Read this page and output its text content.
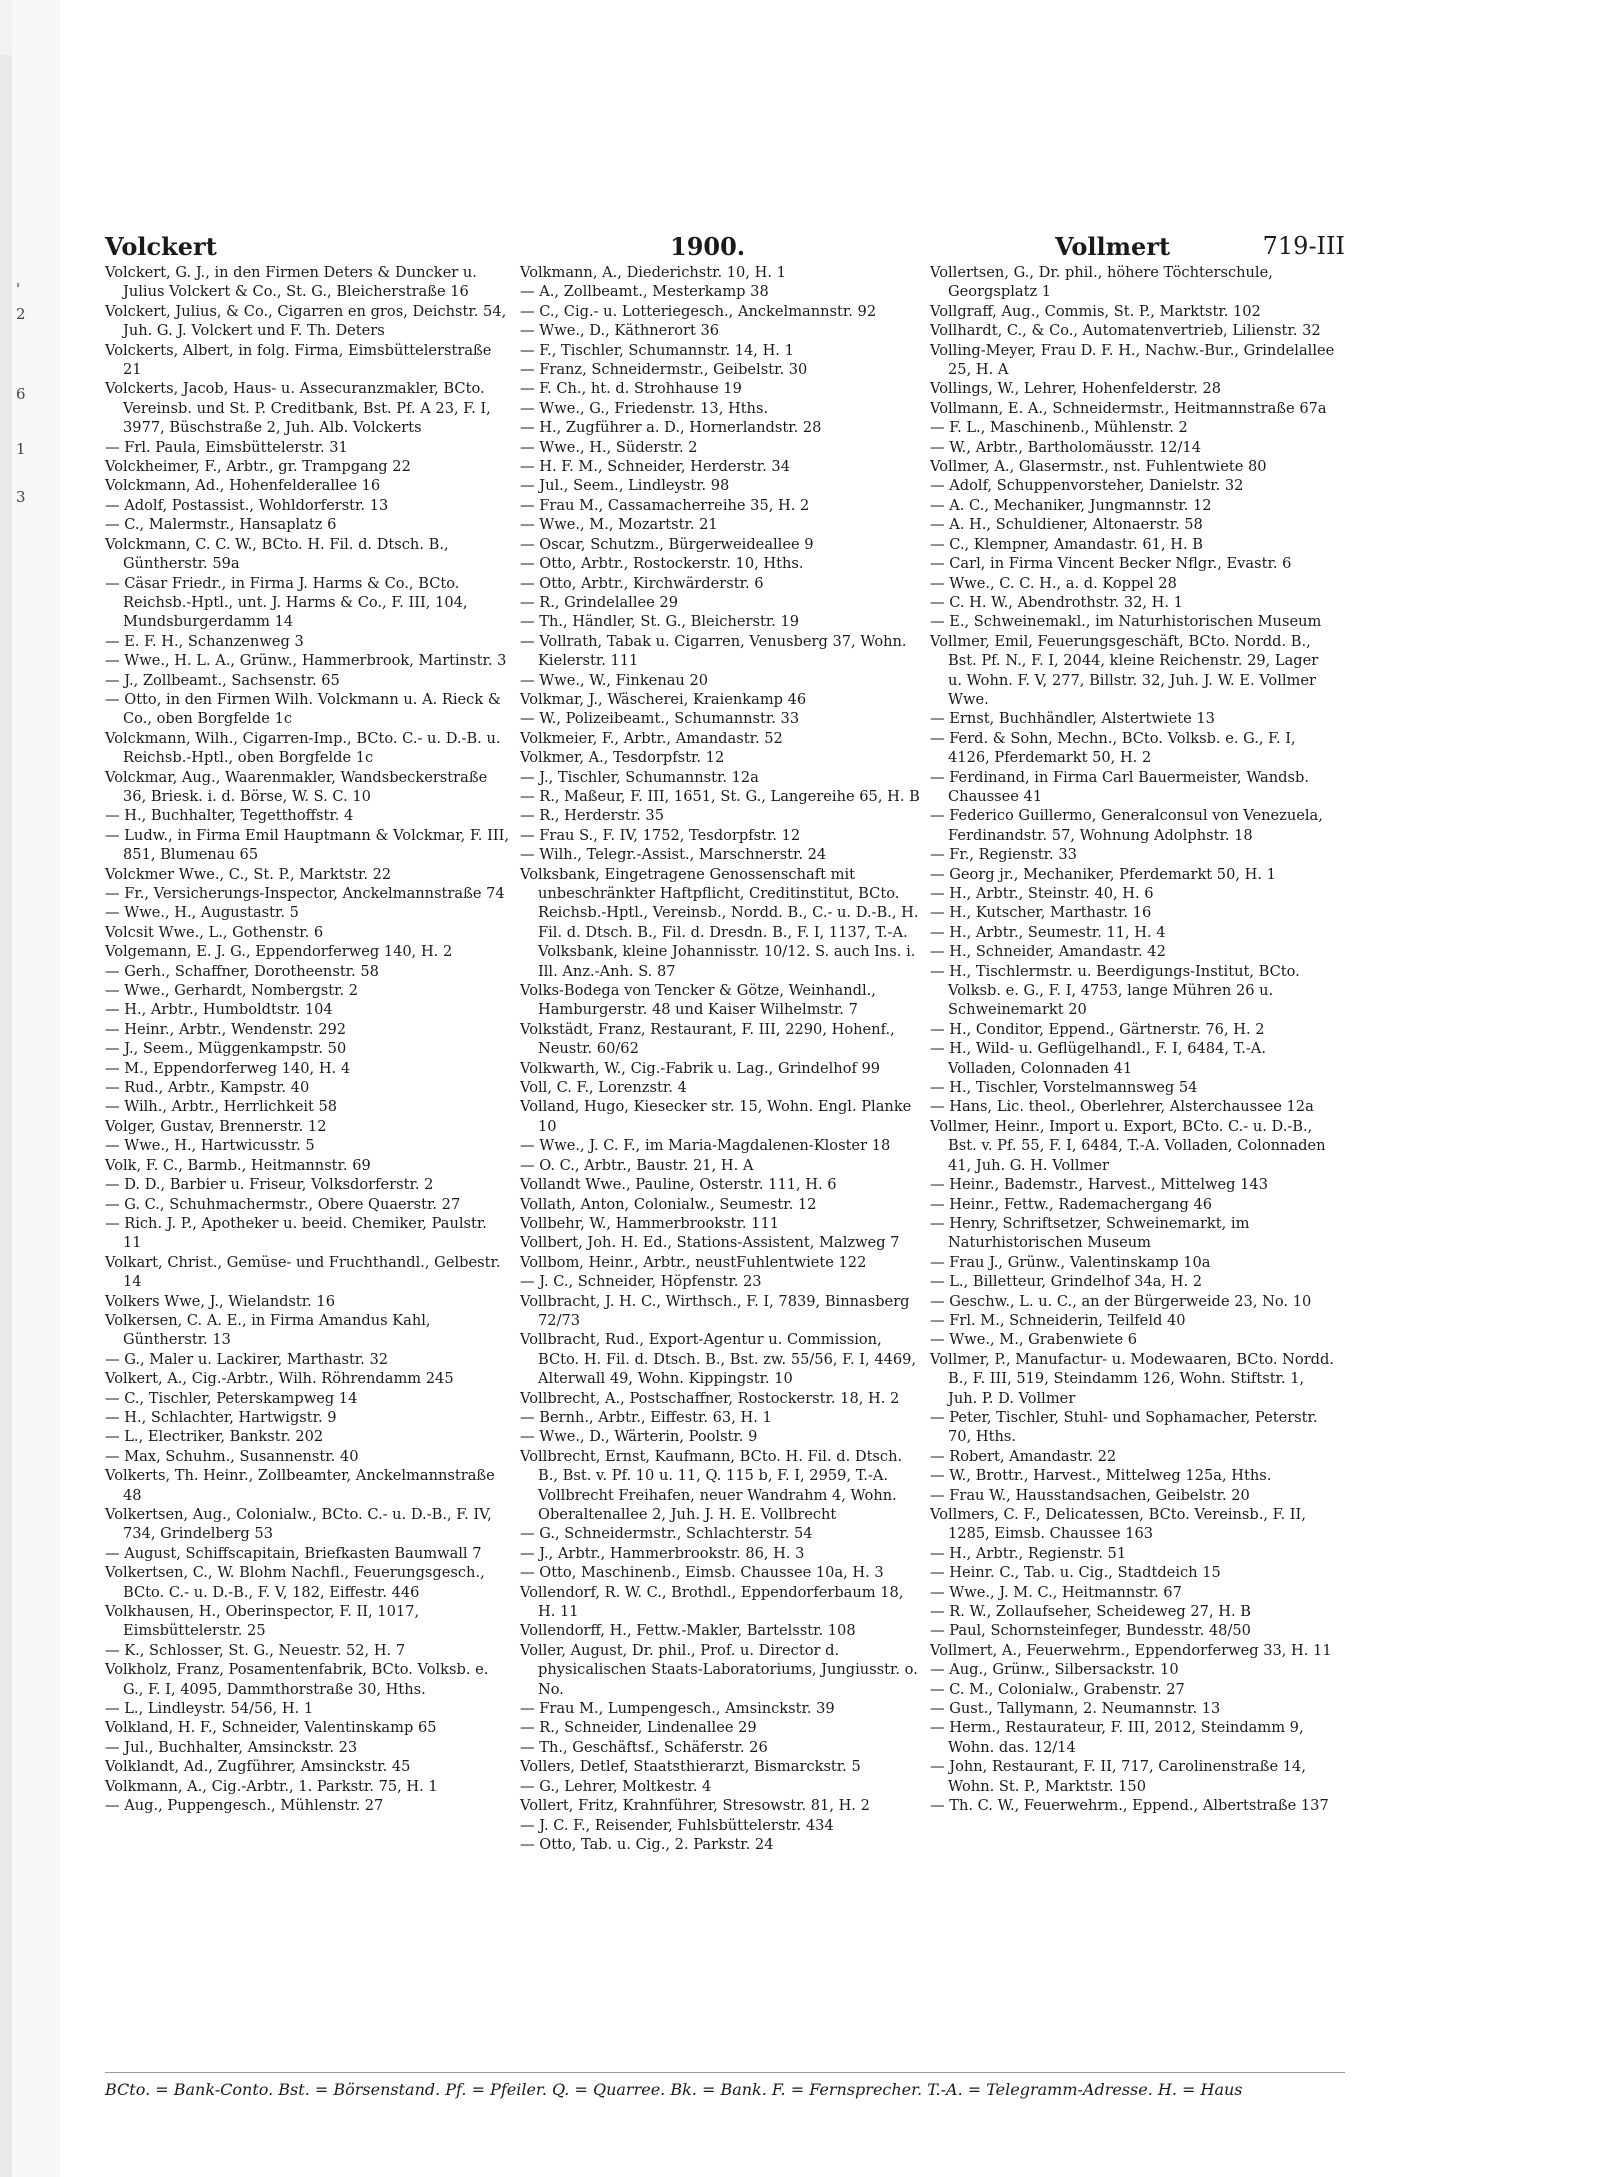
'
2
6
1
3
Volckert	1900.	Vollmert	719-III

Volckert, G. J., in den Firmen Deters & Duncker u. Julius Volckert & Co., St. G., Bleicherstraße 16

Volckert, Julius, & Co., Cigarren en gros, Deichstr. 54, Juh. G. J. Volckert und F. Th. Deters

Volckerts, Albert, in folg. Firma, Eimsbüttelerstraße 21

Volckerts, Jacob, Haus- u. Assecuranzmakler, BCto. Vereinsb. und St. P. Creditbank, Bst. Pf. A 23, F. I, 3977, Büschstraße 2, Juh. Alb. Volckerts

— Frl. Paula, Eimsbüttelerstr. 31

Volckheimer, F., Arbtr., gr. Trampgang 22

Volckmann, Ad., Hohenfelderallee 16

— Adolf, Postassist., Wohldorferstr. 13

— C., Malermstr., Hansaplatz 6

Volckmann, C. C. W., BCto. H. Fil. d. Dtsch. B., Güntherstr. 59a

— Cäsar Friedr., in Firma J. Harms & Co., BCto. Reichsb.-Hptl., unt. J. Harms & Co., F. III, 104, Mundsburgerdamm 14

— E. F. H., Schanzenweg 3

— Wwe., H. L. A., Grünw., Hammerbrook, Martinstr. 3

— J., Zollbeamt., Sachsenstr. 65

— Otto, in den Firmen Wilh. Volckmann u. A. Rieck & Co., oben Borgfelde 1c

Volckmann, Wilh., Cigarren-Imp., BCto. C.- u. D.-B. u. Reichsb.-Hptl., oben Borgfelde 1c

Volckmar, Aug., Waarenmakler, Wandsbeckerstraße 36, Briesk. i. d. Börse, W. S. C. 10

— H., Buchhalter, Tegetthoffstr. 4

— Ludw., in Firma Emil Hauptmann & Volckmar, F. III, 851, Blumenau 65

Volckmer Wwe., C., St. P., Marktstr. 22

— Fr., Versicherungs-Inspector, Anckelmannstraße 74

— Wwe., H., Augustastr. 5

Volcsit Wwe., L., Gothenstr. 6

Volgemann, E. J. G., Eppendorferweg 140, H. 2

— Gerh., Schaffner, Dorotheenstr. 58

— Wwe., Gerhardt, Nombergstr. 2

— H., Arbtr., Humboldtstr. 104

— Heinr., Arbtr., Wendenstr. 292

— J., Seem., Müggenkampstr. 50

— M., Eppendorferweg 140, H. 4

— Rud., Arbtr., Kampstr. 40

— Wilh., Arbtr., Herrlichkeit 58

Volger, Gustav, Brennerstr. 12

— Wwe., H., Hartwicusstr. 5

Volk, F. C., Barmb., Heitmannstr. 69

— D. D., Barbier u. Friseur, Volksdorferstr. 2

— G. C., Schuhmachermstr., Obere Quaerstr. 27

— Rich. J. P., Apotheker u. beeid. Chemiker, Paulstr. 11

Volkart, Christ., Gemüse- und Fruchthandl., Gelbestr. 14

Volkers Wwe, J., Wielandstr. 16

Volkersen, C. A. E., in Firma Amandus Kahl, Güntherstr. 13

— G., Maler u. Lackirer, Marthastr. 32

Volkert, A., Cig.-Arbtr., Wilh. Röhrendamm 245

— C., Tischler, Peterskampweg 14

— H., Schlachter, Hartwigstr. 9

— L., Electriker, Bankstr. 202

— Max, Schuhm., Susannenstr. 40

Volkerts, Th. Heinr., Zollbeamter, Anckelmannstraße 48

Volkertsen, Aug., Colonialw., BCto. C.- u. D.-B., F. IV, 734, Grindelberg 53

— August, Schiffscapitain, Briefkasten Baumwall 7

Volkertsen, C., W. Blohm Nachfl., Feuerungsgesch., BCto. C.- u. D.-B., F. V, 182, Eiffestr. 446

Volkhausen, H., Oberinspector, F. II, 1017, Eimsbüttelerstr. 25

— K., Schlosser, St. G., Neuestr. 52, H. 7

Volkholz, Franz, Posamentenfabrik, BCto. Volksb. e. G., F. I, 4095, Dammthorstraße 30, Hths.

— L., Lindleystr. 54/56, H. 1

Volkland, H. F., Schneider, Valentinskamp 65

— Jul., Buchhalter, Amsinckstr. 23

Volklandt, Ad., Zugführer, Amsinckstr. 45

Volkmann, A., Cig.-Arbtr., 1. Parkstr. 75, H. 1

— Aug., Puppengesch., Mühlenstr. 27

Volkmann, A., Diederichstr. 10, H. 1

— A., Zollbeamt., Mesterkamp 38

— C., Cig.- u. Lotteriegesch., Anckelmannstr. 92

— Wwe., D., Käthnerort 36

— F., Tischler, Schumannstr. 14, H. 1

— Franz, Schneidermstr., Geibelstr. 30

— F. Ch., ht. d. Strohhause 19

— Wwe., G., Friedenstr. 13, Hths.

— H., Zugführer a. D., Hornerlandstr. 28

— Wwe., H., Süderstr. 2

— H. F. M., Schneider, Herderstr. 34

— Jul., Seem., Lindleystr. 98

— Frau M., Cassamacherreihe 35, H. 2

— Wwe., M., Mozartstr. 21

— Oscar, Schutzm., Bürgerweideallee 9

— Otto, Arbtr., Rostockerstr. 10, Hths.

— Otto, Arbtr., Kirchwärderstr. 6

— R., Grindelallee 29

— Th., Händler, St. G., Bleicherstr. 19

— Vollrath, Tabak u. Cigarren, Venusberg 37, Wohn. Kielerstr. 111

— Wwe., W., Finkenau 20

Volkmar, J., Wäscherei, Kraienkamp 46

— W., Polizeibeamt., Schumannstr. 33

Volkmeier, F., Arbtr., Amandastr. 52

Volkmer, A., Tesdorpfstr. 12

— J., Tischler, Schumannstr. 12a

— R., Maßeur, F. III, 1651, St. G., Langereihe 65, H. B

— R., Herderstr. 35

— Frau S., F. IV, 1752, Tesdorpfstr. 12

— Wilh., Telegr.-Assist., Marschnerstr. 24

Volksbank, Eingetragene Genossenschaft mit unbeschränkter Haftpflicht, Creditinstitut, BCto. Reichsb.-Hptl., Vereinsb., Nordd. B., C.- u. D.-B., H. Fil. d. Dtsch. B., Fil. d. Dresdn. B., F. I, 1137, T.-A. Volksbank, kleine Johannisstr. 10/12. S. auch Ins. i. Ill. Anz.-Anh. S. 87

Volks-Bodega von Tencker & Götze, Weinhandl., Hamburgerstr. 48 und Kaiser Wilhelmstr. 7

Volkstädt, Franz, Restaurant, F. III, 2290, Hohenf., Neustr. 60/62

Volkwarth, W., Cig.-Fabrik u. Lag., Grindelhof 99

Voll, C. F., Lorenzstr. 4

Volland, Hugo, Kiesecker str. 15, Wohn. Engl. Planke 10

— Wwe., J. C. F., im Maria-Magdalenen-Kloster 18

— O. C., Arbtr., Baustr. 21, H. A

Vollandt Wwe., Pauline, Osterstr. 111, H. 6

Vollath, Anton, Colonialw., Seumestr. 12

Vollbehr, W., Hammerbrookstr. 111

Vollbert, Joh. H. Ed., Stations-Assistent, Malzweg 7

Vollbom, Heinr., Arbtr., neustFuhlentwiete 122

— J. C., Schneider, Höpfenstr. 23

Vollbracht, J. H. C., Wirthsch., F. I, 7839, Binnasberg 72/73

Vollbracht, Rud., Export-Agentur u. Commission, BCto. H. Fil. d. Dtsch. B., Bst. zw. 55/56, F. I, 4469, Alterwall 49, Wohn. Kippingstr. 10

Vollbrecht, A., Postschaffner, Rostockerstr. 18, H. 2

— Bernh., Arbtr., Eiffestr. 63, H. 1

— Wwe., D., Wärterin, Poolstr. 9

Vollbrecht, Ernst, Kaufmann, BCto. H. Fil. d. Dtsch. B., Bst. v. Pf. 10 u. 11, Q. 115 b, F. I, 2959, T.-A. Vollbrecht Freihafen, neuer Wandrahm 4, Wohn. Oberaltenallee 2, Juh. J. H. E. Vollbrecht

— G., Schneidermstr., Schlachterstr. 54

— J., Arbtr., Hammerbrookstr. 86, H. 3

— Otto, Maschinenb., Eimsb. Chaussee 10a, H. 3

Vollendorf, R. W. C., Brothdl., Eppendorferbaum 18, H. 11

Vollendorff, H., Fettw.-Makler, Bartelsstr. 108

Voller, August, Dr. phil., Prof. u. Director d. physicalischen Staats-Laboratoriums, Jungiusstr. o. No.

— Frau M., Lumpengesch., Amsinckstr. 39

— R., Schneider, Lindenallee 29

— Th., Geschäftsf., Schäferstr. 26

Vollers, Detlef, Staatsthierarzt, Bismarckstr. 5

— G., Lehrer, Moltkestr. 4

Vollert, Fritz, Krahnführer, Stresowstr. 81, H. 2

— J. C. F., Reisender, Fuhlsbüttelerstr. 434

— Otto, Tab. u. Cig., 2. Parkstr. 24

Vollertsen, G., Dr. phil., höhere Töchterschule, Georgsplatz 1

Vollgraff, Aug., Commis, St. P., Marktstr. 102

Vollhardt, C., & Co., Automatenvertrieb, Lilienstr. 32

Volling-Meyer, Frau D. F. H., Nachw.-Bur., Grindelallee 25, H. A

Vollings, W., Lehrer, Hohenfelderstr. 28

Vollmann, E. A., Schneidermstr., Heitmannstraße 67a

— F. L., Maschinenb., Mühlenstr. 2

— W., Arbtr., Bartholomäusstr. 12/14

Vollmer, A., Glasermstr., nst. Fuhlentwiete 80

— Adolf, Schuppenvorsteher, Danielstr. 32

— A. C., Mechaniker, Jungmannstr. 12

— A. H., Schuldiener, Altonaerstr. 58

— C., Klempner, Amandastr. 61, H. B

— Carl, in Firma Vincent Becker Nflgr., Evastr. 6

— Wwe., C. C. H., a. d. Koppel 28

— C. H. W., Abendrothstr. 32, H. 1

— E., Schweinemakl., im Naturhistorischen Museum

Vollmer, Emil, Feuerungsgeschäft, BCto. Nordd. B., Bst. Pf. N., F. I, 2044, kleine Reichenstr. 29, Lager u. Wohn. F. V, 277, Billstr. 32, Juh. J. W. E. Vollmer Wwe.

— Ernst, Buchhändler, Alstertwiete 13

— Ferd. & Sohn, Mechn., BCto. Volksb. e. G., F. I, 4126, Pferdemarkt 50, H. 2

— Ferdinand, in Firma Carl Bauermeister, Wandsb. Chaussee 41

— Federico Guillermo, Generalconsul von Venezuela, Ferdinandstr. 57, Wohnung Adolphstr. 18

— Fr., Regienstr. 33

— Georg jr., Mechaniker, Pferdemarkt 50, H. 1

— H., Arbtr., Steinstr. 40, H. 6

— H., Kutscher, Marthastr. 16

— H., Arbtr., Seumestr. 11, H. 4

— H., Schneider, Amandastr. 42

— H., Tischlermstr. u. Beerdigungs-Institut, BCto. Volksb. e. G., F. I, 4753, lange Mühren 26 u. Schweinemarkt 20

— H., Conditor, Eppend., Gärtnerstr. 76, H. 2

— H., Wild- u. Geflügelhandl., F. I, 6484, T.-A. Volladen, Colonnaden 41

— H., Tischler, Vorstelmannsweg 54

— Hans, Lic. theol., Oberlehrer, Alsterchaussee 12a

Vollmer, Heinr., Import u. Export, BCto. C.- u. D.-B., Bst. v. Pf. 55, F. I, 6484, T.-A. Volladen, Colonnaden 41, Juh. G. H. Vollmer

— Heinr., Bademstr., Harvest., Mittelweg 143

— Heinr., Fettw., Rademachergang 46

— Henry, Schriftsetzer, Schweinemarkt, im Naturhistorischen Museum

— Frau J., Grünw., Valentinskamp 10a

— L., Billetteur, Grindelhof 34a, H. 2

— Geschw., L. u. C., an der Bürgerweide 23, No. 10

— Frl. M., Schneiderin, Teilfeld 40

— Wwe., M., Grabenwiete 6

Vollmer, P., Manufactur- u. Modewaaren, BCto. Nordd. B., F. III, 519, Steindamm 126, Wohn. Stiftstr. 1, Juh. P. D. Vollmer

— Peter, Tischler, Stuhl- und Sophamacher, Peterstr. 70, Hths.

— Robert, Amandastr. 22

— W., Brottr., Harvest., Mittelweg 125a, Hths.

— Frau W., Hausstandsachen, Geibelstr. 20

Vollmers, C. F., Delicatessen, BCto. Vereinsb., F. II, 1285, Eimsb. Chaussee 163

— H., Arbtr., Regienstr. 51

— Heinr. C., Tab. u. Cig., Stadtdeich 15

— Wwe., J. M. C., Heitmannstr. 67

— R. W., Zollaufseher, Scheideweg 27, H. B

— Paul, Schornsteinfeger, Bundesstr. 48/50

Vollmert, A., Feuerwehrm., Eppendorferweg 33, H. 11

— Aug., Grünw., Silbersackstr. 10

— C. M., Colonialw., Grabenstr. 27

— Gust., Tallymann, 2. Neumannstr. 13

— Herm., Restaurateur, F. III, 2012, Steindamm 9, Wohn. das. 12/14

— John, Restaurant, F. II, 717, Carolinenstraße 14, Wohn. St. P., Marktstr. 150

— Th. C. W., Feuerwehrm., Eppend., Albertstraße 137

BCto. = Bank-Conto. Bst. = Börsenstand. Pf. = Pfeiler. Q. = Quarree. Bk. = Bank. F. = Fernsprecher. T.-A. = Telegramm-Adresse. H. = Haus
